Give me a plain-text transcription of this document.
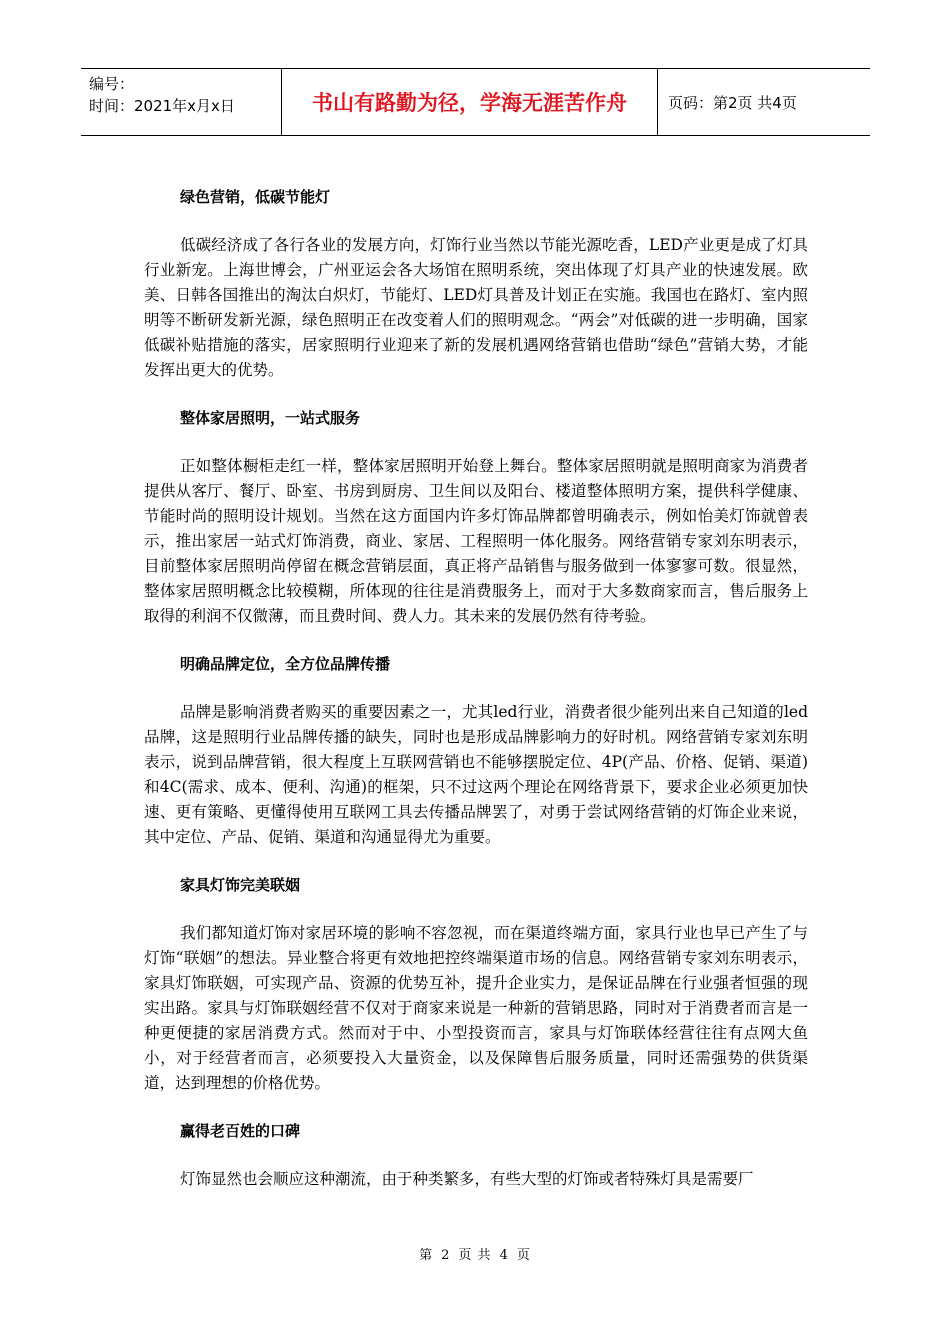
编号：
时间：2021年x月x日	书山有路勤为径，学海无涯苦作舟	页码：第2页 共4页
绿色营销，低碳节能灯

低碳经济成了各行各业的发展方向，灯饰行业当然以节能光源吃香，LED产业更是成了灯具行业新宠。上海世博会，广州亚运会各大场馆在照明系统，突出体现了灯具产业的快速发展。欧美、日韩各国推出的淘汰白炽灯，节能灯、LED灯具普及计划正在实施。我国也在路灯、室内照明等不断研发新光源，绿色照明正在改变着人们的照明观念。“两会”对低碳的进一步明确，国家低碳补贴措施的落实，居家照明行业迎来了新的发展机遇网络营销也借助“绿色”营销大势，才能发挥出更大的优势。

整体家居照明，一站式服务

正如整体橱柜走红一样，整体家居照明开始登上舞台。整体家居照明就是照明商家为消费者提供从客厅、餐厅、卧室、书房到厨房、卫生间以及阳台、楼道整体照明方案，提供科学健康、节能时尚的照明设计规划。当然在这方面国内许多灯饰品牌都曾明确表示，例如怡美灯饰就曾表示，推出家居一站式灯饰消费，商业、家居、工程照明一体化服务。网络营销专家刘东明表示，目前整体家居照明尚停留在概念营销层面，真正将产品销售与服务做到一体寥寥可数。很显然，整体家居照明概念比较模糊，所体现的往往是消费服务上，而对于大多数商家而言，售后服务上取得的利润不仅微薄，而且费时间、费人力。其未来的发展仍然有待考验。

明确品牌定位，全方位品牌传播

品牌是影响消费者购买的重要因素之一，尤其led行业，消费者很少能列出来自己知道的led品牌，这是照明行业品牌传播的缺失，同时也是形成品牌影响力的好时机。网络营销专家刘东明表示，说到品牌营销，很大程度上互联网营销也不能够摆脱定位、4P(产品、价格、促销、渠道)和4C(需求、成本、便利、沟通)的框架，只不过这两个理论在网络背景下，要求企业必须更加快速、更有策略、更懂得使用互联网工具去传播品牌罢了，对勇于尝试网络营销的灯饰企业来说，其中定位、产品、促销、渠道和沟通显得尤为重要。

家具灯饰完美联姻

我们都知道灯饰对家居环境的影响不容忽视，而在渠道终端方面，家具行业也早已产生了与灯饰“联姻”的想法。异业整合将更有效地把控终端渠道市场的信息。网络营销专家刘东明表示，家具灯饰联姻，可实现产品、资源的优势互补，提升企业实力，是保证品牌在行业强者恒强的现实出路。家具与灯饰联姻经营不仅对于商家来说是一种新的营销思路，同时对于消费者而言是一种更便捷的家居消费方式。然而对于中、小型投资而言，家具与灯饰联体经营往往有点网大鱼小，对于经营者而言，必须要投入大量资金，以及保障售后服务质量，同时还需强势的供货渠道，达到理想的价格优势。

赢得老百姓的口碑

灯饰显然也会顺应这种潮流，由于种类繁多，有些大型的灯饰或者特殊灯具是需要厂

第 2 页 共 4 页
